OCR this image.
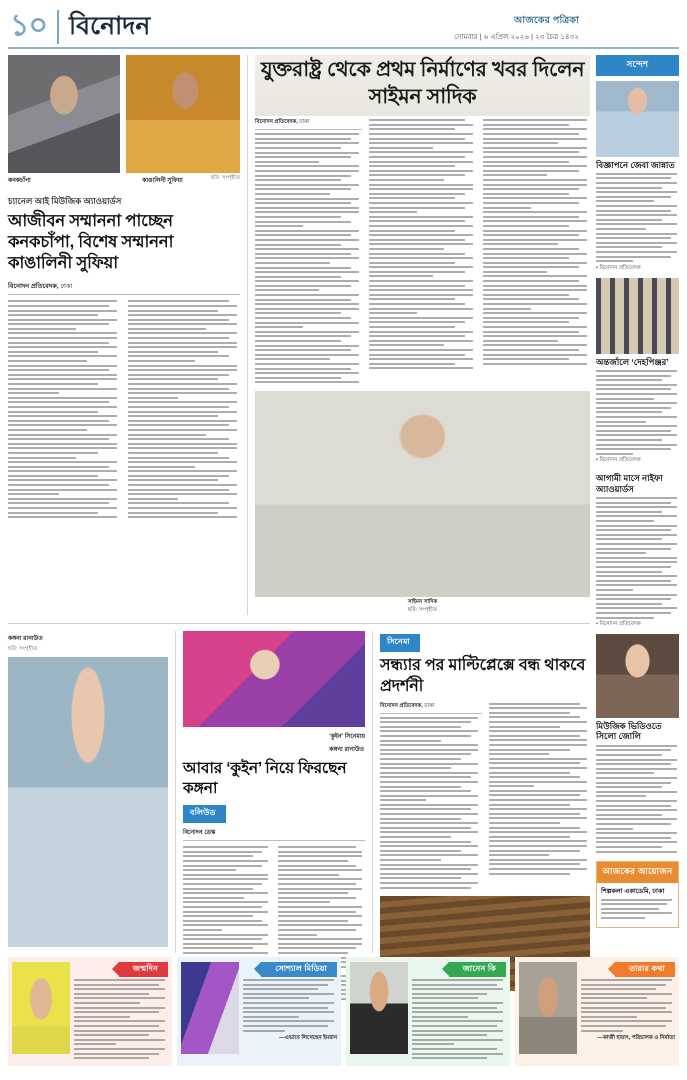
১০ বিনোদন	আজকের পত্রিকা
সোমবার | ৬ এপ্রিল ২০২৬ | ২৩ চৈত্র ১৪৩২
কনকচাঁপা	কাঙালিনী সুফিয়া	ছবি: সংগৃহীত
চ্যানেল আই মিউজিক অ্যাওয়ার্ডস
আজীবন সম্মাননা পাচ্ছেন কনকচাঁপা, বিশেষ সম্মাননা কাঙালিনী সুফিয়া
বিনোদন প্রতিবেদক, ঢাকা
যুক্তরাষ্ট্র থেকে প্রথম নির্মাণের খবর দিলেন সাইমন সাদিক
বিনোদন প্রতিবেদক, ঢাকা
সাইমন সাদিক
ছবি: সংগৃহীত
কঙ্গনা রানাউত
ছবি: সংগৃহীত
'কুইন' সিনেমায়
কঙ্গনা রানাউত
আবার ‘কুইন’ নিয়ে ফিরছেন কঙ্গনা
বলিউড
বিনোদন ডেস্ক
সিনেমা
সন্ধ্যার পর মাল্টিপ্লেক্সে বন্ধ থাকবে প্রদর্শনী
বিনোদন প্রতিবেদক, ঢাকা
সন্দেশ
বিজ্ঞাপনে জেবা জান্নাত
• বিনোদন প্রতিবেদক
অন্তর্জালে ‘দেহপিঞ্জর’
• বিনোদন প্রতিবেদক
আগামী মাসে নাইফা অ্যাওয়ার্ডস
• বিনোদন প্রতিবেদক
মিউজিক ভিডিওতে সিলো জোলি
আজকের আয়োজন
শিল্পকলা একাডেমি, ঢাকা
জন্মদিন	সোশ্যাল মিডিয়া
—এভাবে লিখেছেন ইমরান
জানেন কি	তারার কথা
—কাজী হায়াৎ, পরিচালক ও নির্মাতা
